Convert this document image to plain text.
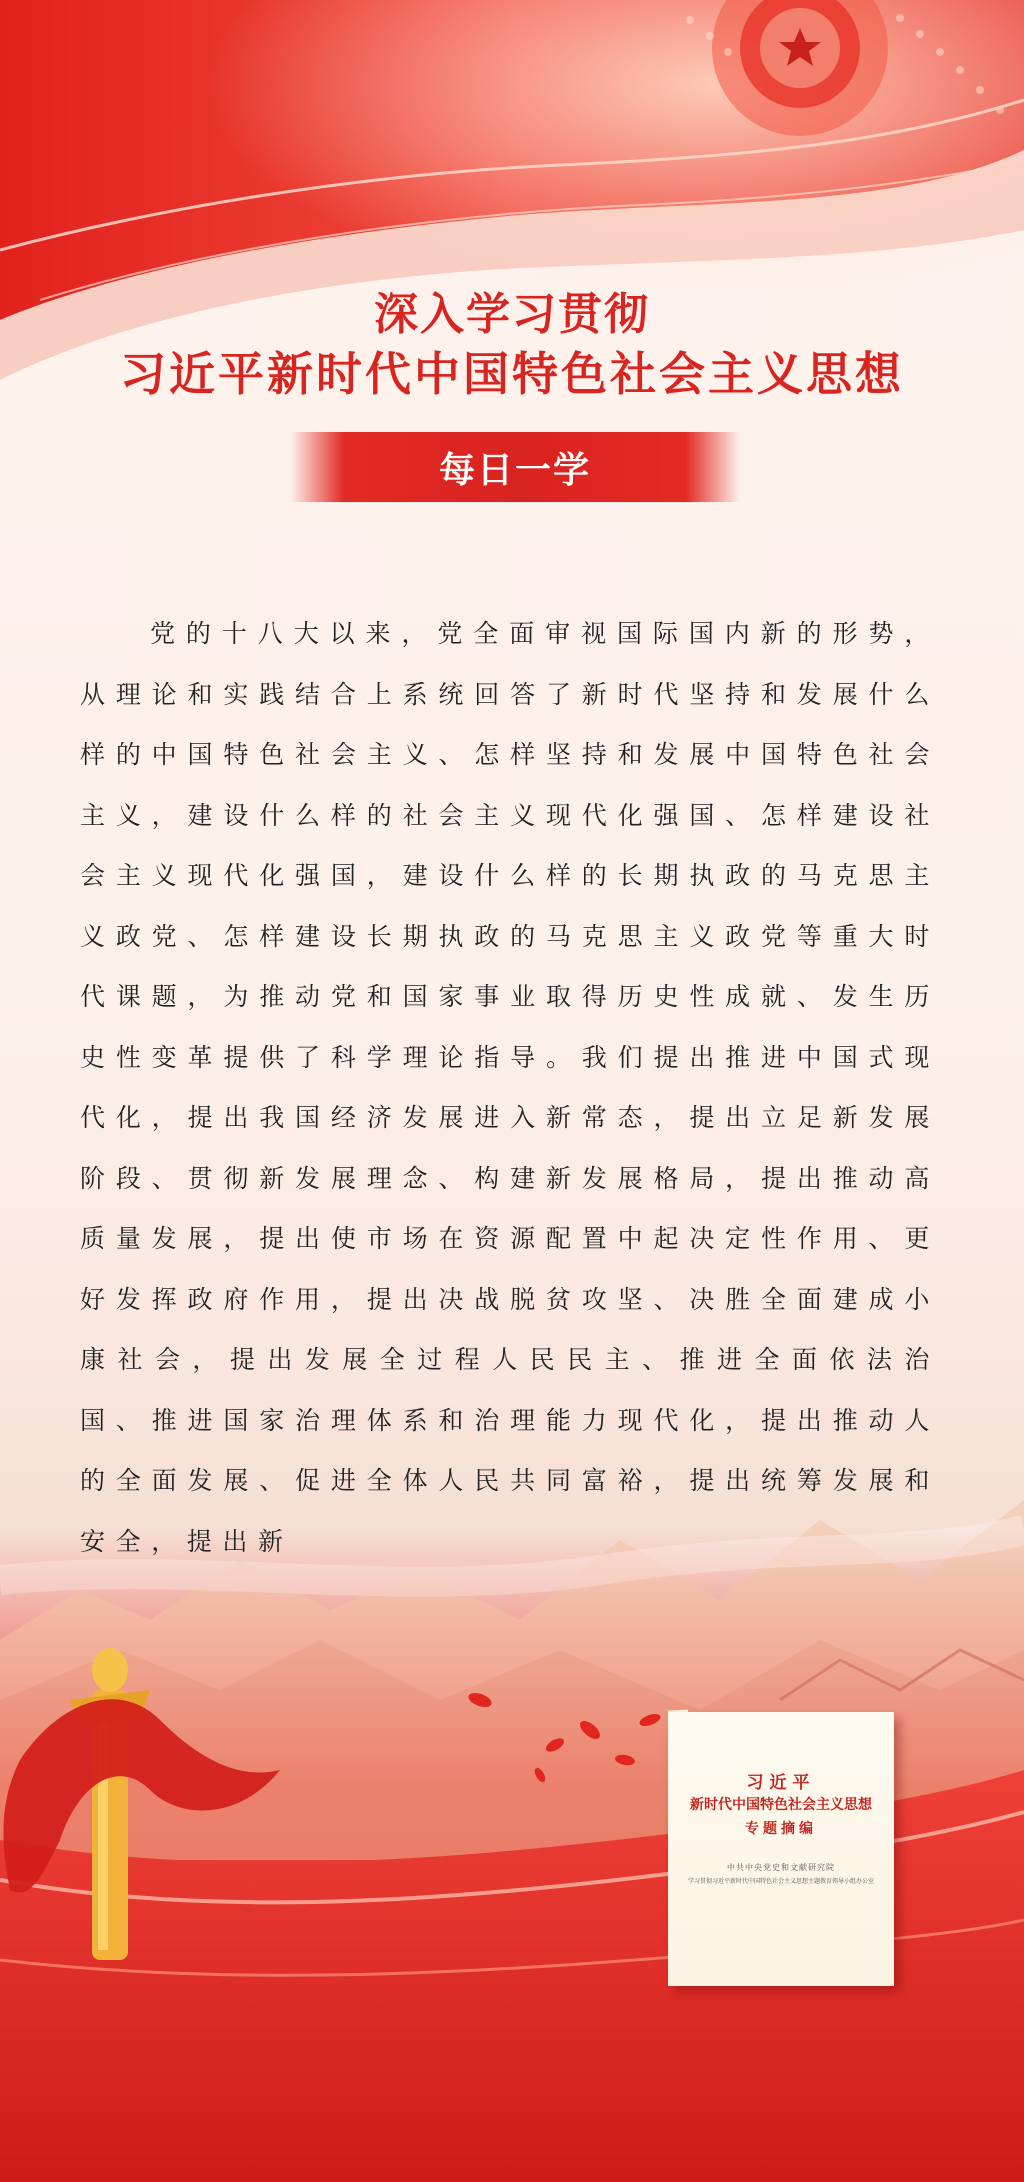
深入学习贯彻
习近平新时代中国特色社会主义思想
每日一学

党的十八大以来，党全面审视国际国内新的形势，从理论和实践结合上系统回答了新时代坚持和发展什么样的中国特色社会主义、怎样坚持和发展中国特色社会主义，建设什么样的社会主义现代化强国、怎样建设社会主义现代化强国，建设什么样的长期执政的马克思主义政党、怎样建设长期执政的马克思主义政党等重大时代课题，为推动党和国家事业取得历史性成就、发生历史性变革提供了科学理论指导。我们提出推进中国式现代化，提出我国经济发展进入新常态，提出立足新发展阶段、贯彻新发展理念、构建新发展格局，提出推动高质量发展，提出使市场在资源配置中起决定性作用、更好发挥政府作用，提出决战脱贫攻坚、决胜全面建成小康社会，提出发展全过程人民民主、推进全面依法治国、推进国家治理体系和治理能力现代化，提出推动人的全面发展、促进全体人民共同富裕，提出统筹发展和安全，提出新

习近平
新时代中国特色社会主义思想
专题摘编
中共中央党史和文献研究院
学习贯彻习近平新时代中国特色社会主义思想主题教育领导小组办公室
